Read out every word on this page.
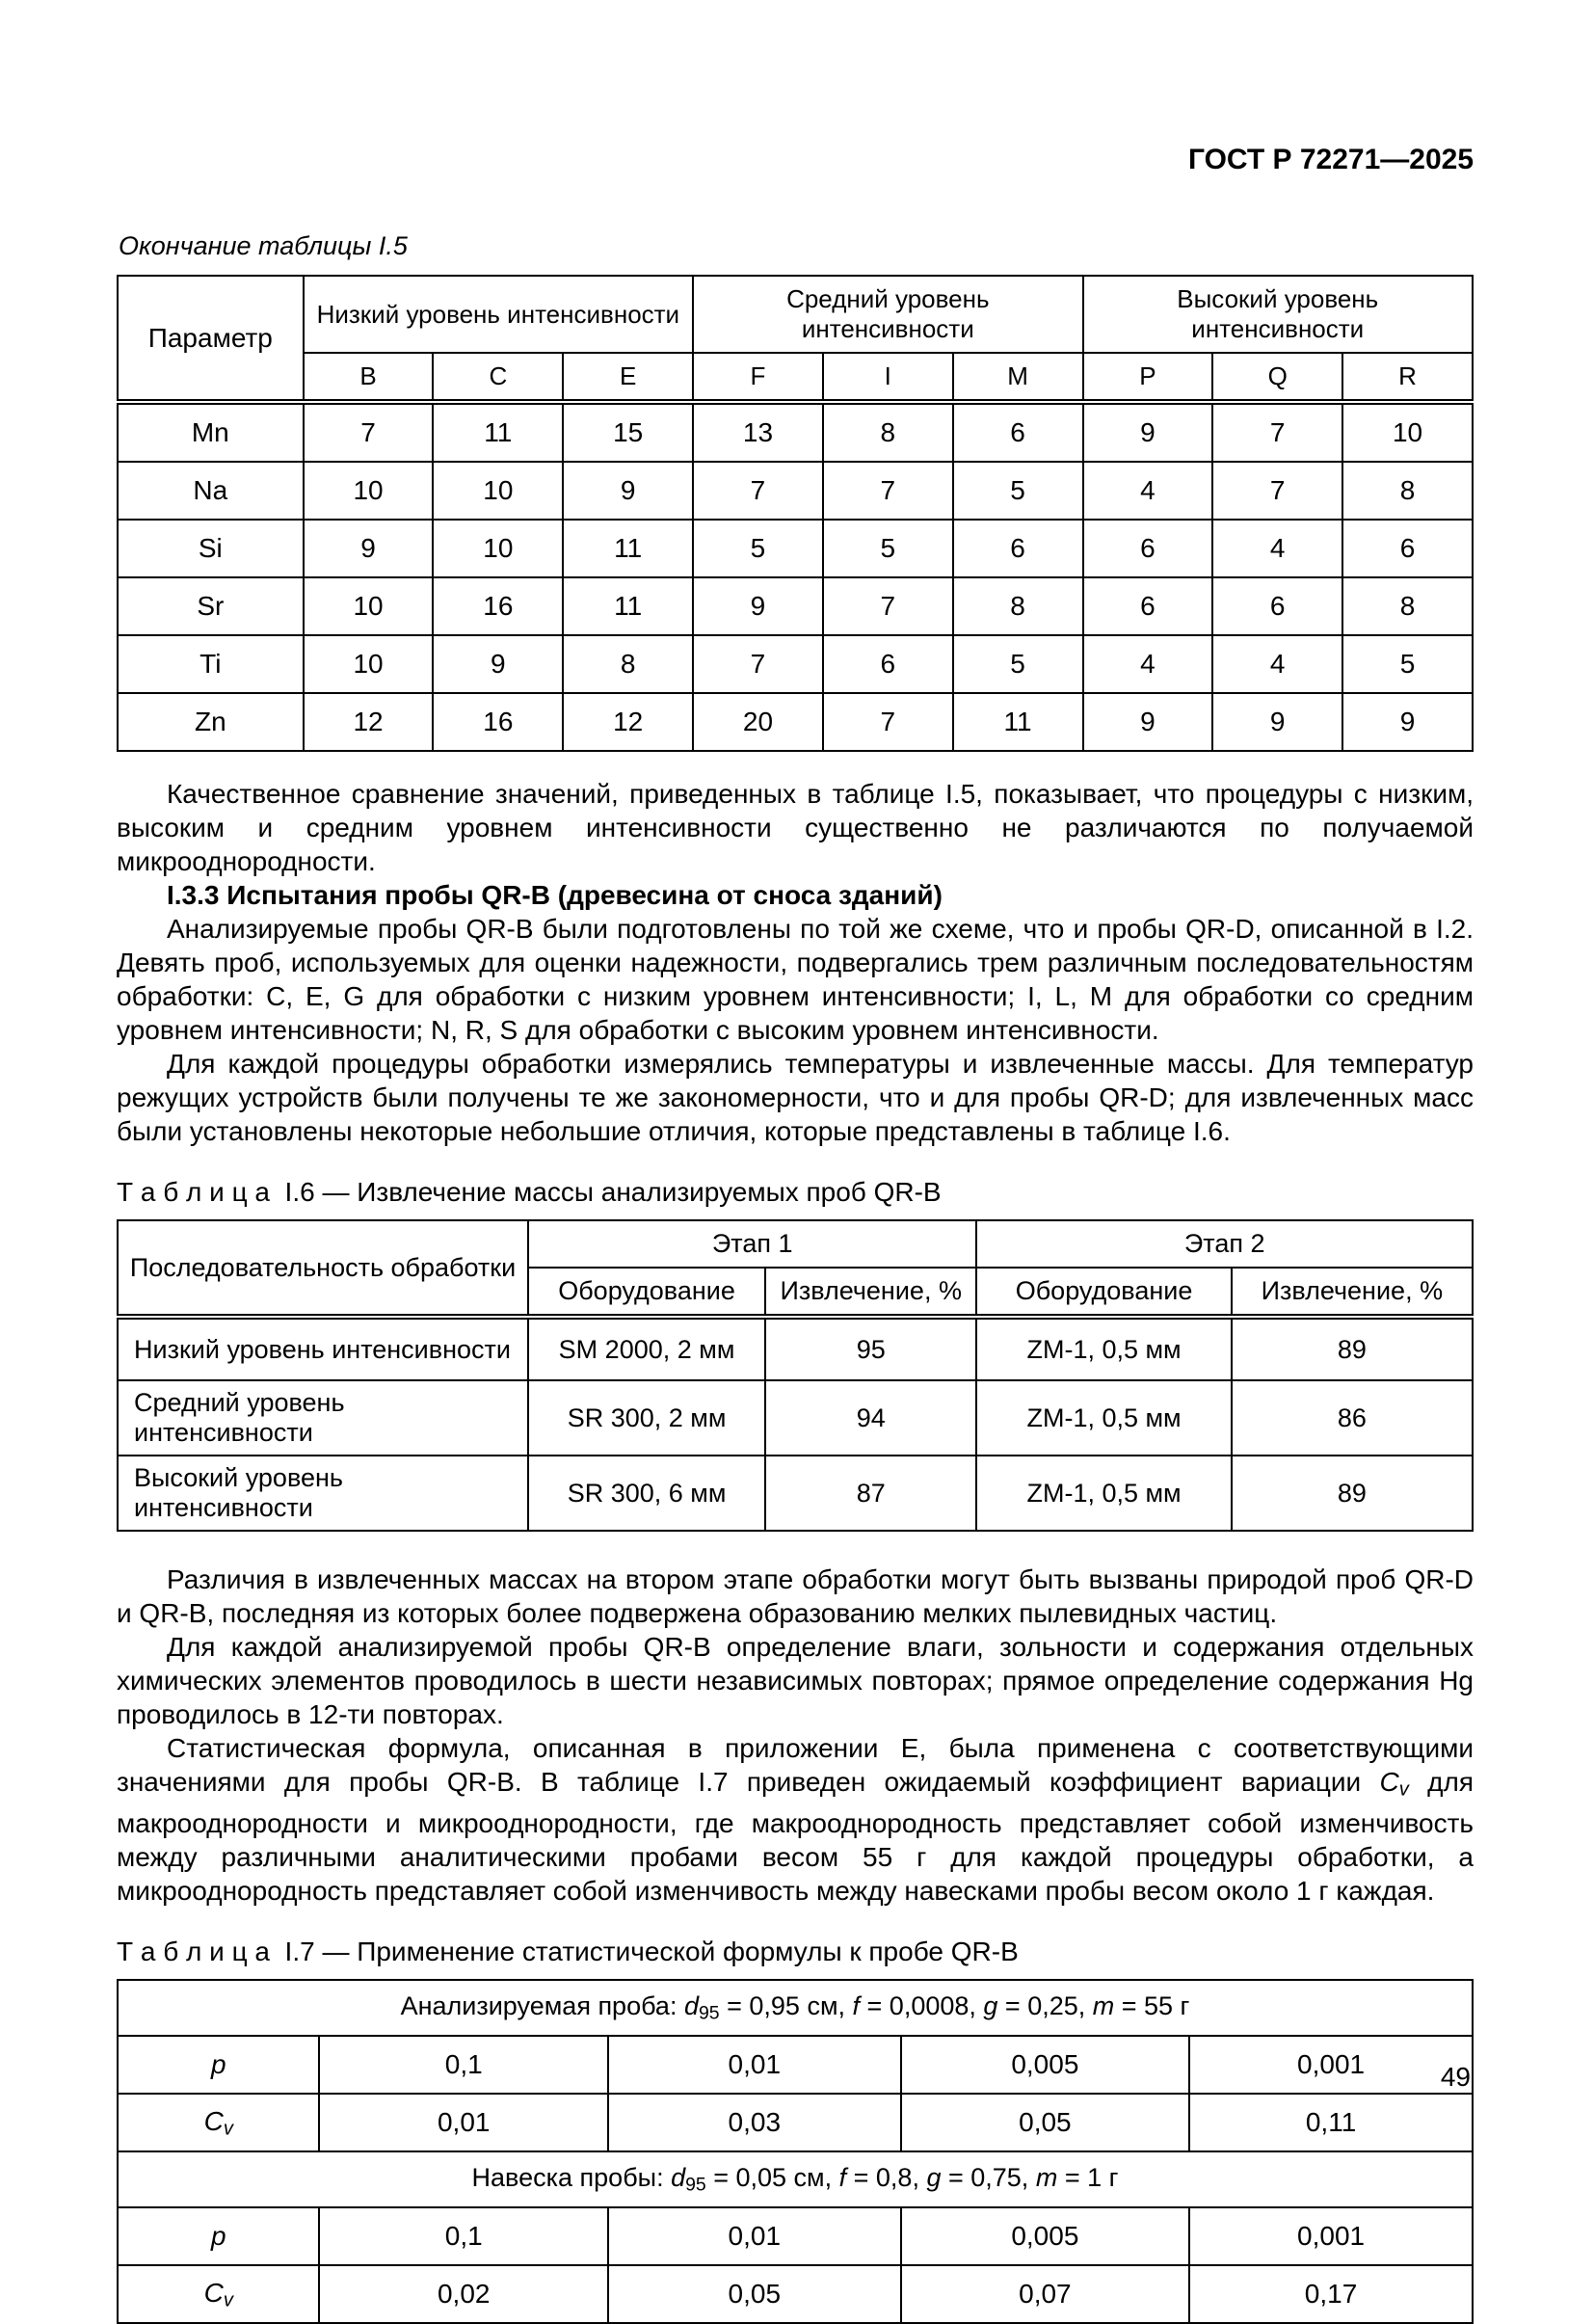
ГОСТ Р 72271—2025
Окончание таблицы I.5
Параметр	Низкий уровень интенсивности			Средний уровень интенсивности			Высокий уровень интенсивности		
	B	C	E	F	I	M	P	Q	R
Mn	7	11	15	13	8	6	9	7	10
Na	10	10	9	7	7	5	4	7	8
Si	9	10	11	5	5	6	6	4	6
Sr	10	16	11	9	7	8	6	6	8
Ti	10	9	8	7	6	5	4	4	5
Zn	12	16	12	20	7	11	9	9	9

Качественное сравнение значений, приведенных в таблице I.5, показывает, что процедуры с низким, высоким и средним уровнем интенсивности существенно не различаются по получаемой микрооднородности.

I.3.3 Испытания пробы QR-B (древесина от сноса зданий)

Анализируемые пробы QR-B были подготовлены по той же схеме, что и пробы QR-D, описанной в I.2. Девять проб, используемых для оценки надежности, подвергались трем различным последовательностям обработки: C, E, G для обработки с низким уровнем интенсивности; I, L, M для обработки со средним уровнем интенсивности; N, R, S для обработки с высоким уровнем интенсивности.

Для каждой процедуры обработки измерялись температуры и извлеченные массы. Для температур режущих устройств были получены те же закономерности, что и для пробы QR-D; для извлеченных масс были установлены некоторые небольшие отличия, которые представлены в таблице I.6.

Т а б л и ц а  I.6 — Извлечение массы анализируемых проб QR-B
Последовательность обработки	Этап 1		Этап 2	
	Оборудование	Извлечение, %	Оборудование	Извлечение, %
Низкий уровень интенсивности	SM 2000, 2 мм	95	ZM-1, 0,5 мм	89
Средний уровень интенсивности	SR 300, 2 мм	94	ZM-1, 0,5 мм	86
Высокий уровень интенсивности	SR 300, 6 мм	87	ZM-1, 0,5 мм	89

Различия в извлеченных массах на втором этапе обработки могут быть вызваны природой проб QR-D и QR-B, последняя из которых более подвержена образованию мелких пылевидных частиц.

Для каждой анализируемой пробы QR-B определение влаги, зольности и содержания отдельных химических элементов проводилось в шести независимых повторах; прямое определение содержания Hg проводилось в 12-ти повторах.

Статистическая формула, описанная в приложении E, была применена с соответствующими значениями для пробы QR-B. В таблице I.7 приведен ожидаемый коэффициент вариации Cv для макрооднородности и микрооднородности, где макрооднородность представляет собой изменчивость между различными аналитическими пробами весом 55 г для каждой процедуры обработки, а микрооднородность представляет собой изменчивость между навесками пробы весом около 1 г каждая.

Т а б л и ц а  I.7 — Применение статистической формулы к пробе QR-B
Анализируемая проба: d95 = 0,95 см, f = 0,0008, g = 0,25, m = 55 г				
p	0,1	0,01	0,005	0,001
Cv	0,01	0,03	0,05	0,11
Навеска пробы: d95 = 0,05 см, f = 0,8, g = 0,75, m = 1 г				
p	0,1	0,01	0,005	0,001
Cv	0,02	0,05	0,07	0,17
49
